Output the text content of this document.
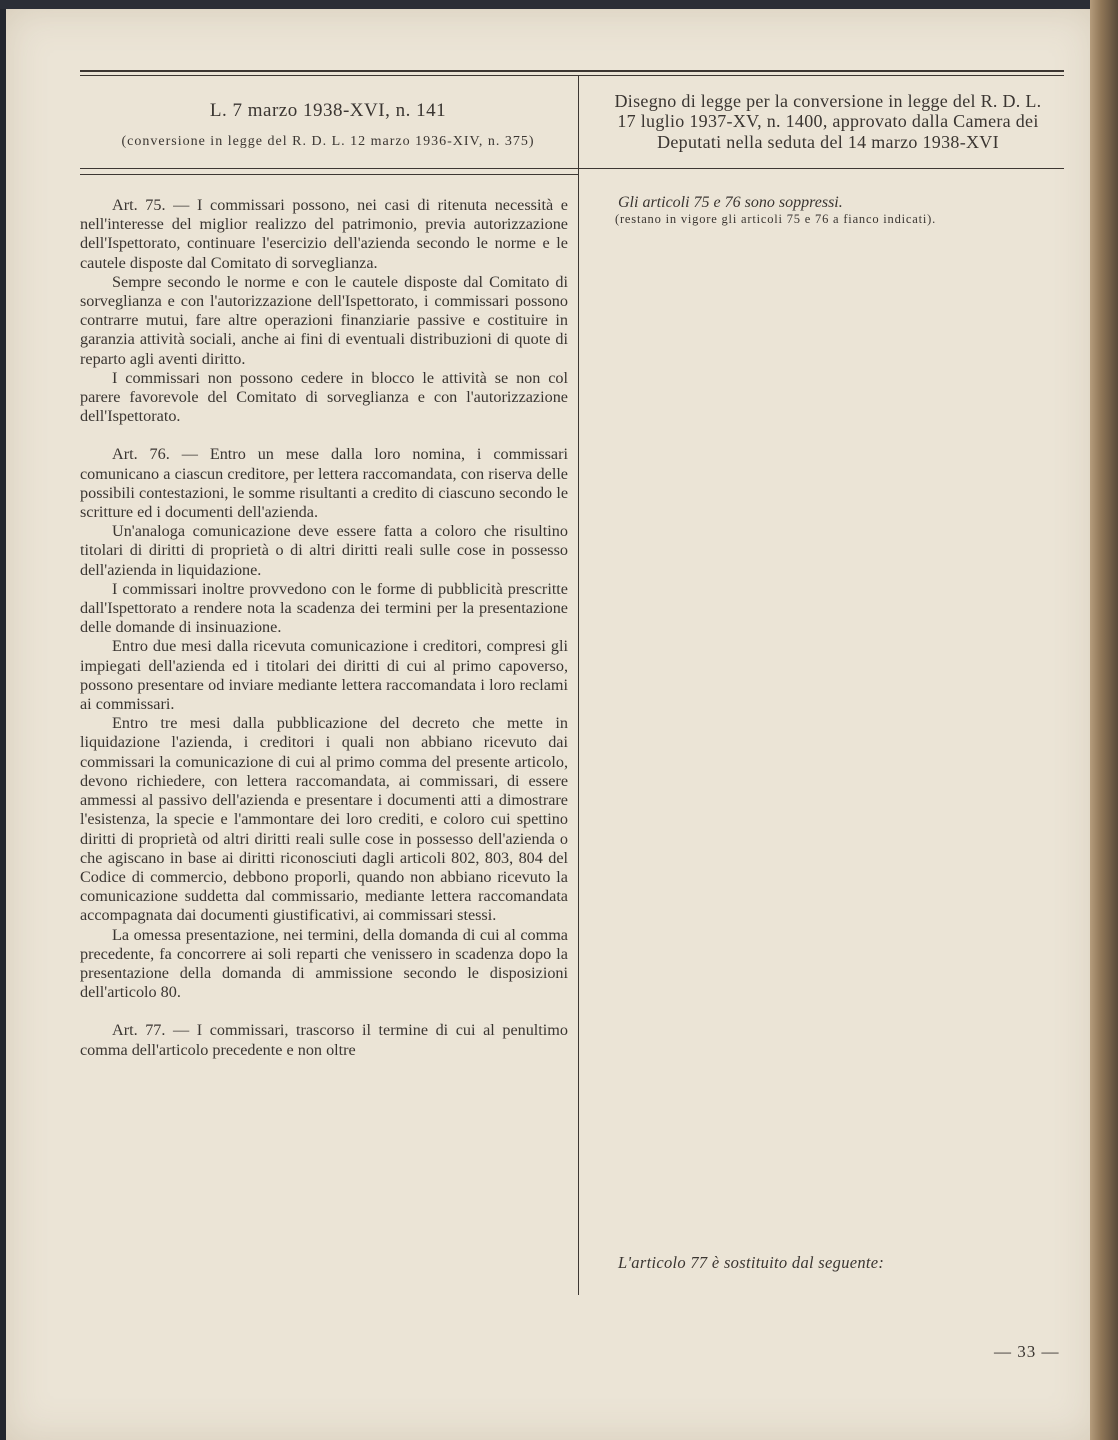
L. 7 marzo 1938-XVI, n. 141
(conversione in legge del R. D. L. 12 marzo 1936-XIV, n. 375)
Disegno di legge per la conversione in legge del R. D. L.
17 luglio 1937-XV, n. 1400, approvato dalla Camera dei
Deputati nella seduta del 14 marzo 1938-XVI

Art. 75. — I commissari possono, nei casi di ritenuta necessità e nell'interesse del miglior realizzo del patrimonio, previa autorizzazione dell'Ispettorato, continuare l'esercizio dell'azienda secondo le norme e le cautele disposte dal Comitato di sorveglianza.

Sempre secondo le norme e con le cautele disposte dal Comitato di sorveglianza e con l'autorizzazione dell'Ispettorato, i commissari possono contrarre mutui, fare altre operazioni finanziarie passive e costituire in garanzia attività sociali, anche ai fini di eventuali distribuzioni di quote di reparto agli aventi diritto.

I commissari non possono cedere in blocco le attività se non col parere favorevole del Comitato di sorveglianza e con l'autorizzazione dell'Ispettorato.

Art. 76. — Entro un mese dalla loro nomina, i commissari comunicano a ciascun creditore, per lettera raccomandata, con riserva delle possibili contestazioni, le somme risultanti a credito di ciascuno secondo le scritture ed i documenti dell'azienda.

Un'analoga comunicazione deve essere fatta a coloro che risultino titolari di diritti di proprietà o di altri diritti reali sulle cose in possesso dell'azienda in liquidazione.

I commissari inoltre provvedono con le forme di pubblicità prescritte dall'Ispettorato a rendere nota la scadenza dei termini per la presentazione delle domande di insinuazione.

Entro due mesi dalla ricevuta comunicazione i creditori, compresi gli impiegati dell'azienda ed i titolari dei diritti di cui al primo capoverso, possono presentare od inviare mediante lettera raccomandata i loro reclami ai commissari.

Entro tre mesi dalla pubblicazione del decreto che mette in liquidazione l'azienda, i creditori i quali non abbiano ricevuto dai commissari la comunicazione di cui al primo comma del presente articolo, devono richiedere, con lettera raccomandata, ai commissari, di essere ammessi al passivo dell'azienda e presentare i documenti atti a dimostrare l'esistenza, la specie e l'ammontare dei loro crediti, e coloro cui spettino diritti di proprietà od altri diritti reali sulle cose in possesso dell'azienda o che agiscano in base ai diritti riconosciuti dagli articoli 802, 803, 804 del Codice di commercio, debbono proporli, quando non abbiano ricevuto la comunicazione suddetta dal commissario, mediante lettera raccomandata accompagnata dai documenti giustificativi, ai commissari stessi.

La omessa presentazione, nei termini, della domanda di cui al comma precedente, fa concorrere ai soli reparti che venissero in scadenza dopo la presentazione della domanda di ammissione secondo le disposizioni dell'articolo 80.

Art. 77. — I commissari, trascorso il termine di cui al penultimo comma dell'articolo precedente e non oltre

Gli articoli 75 e 76 sono soppressi.
(restano in vigore gli articoli 75 e 76 a fianco indicati).
L'articolo 77 è sostituito dal seguente:
— 33 —
